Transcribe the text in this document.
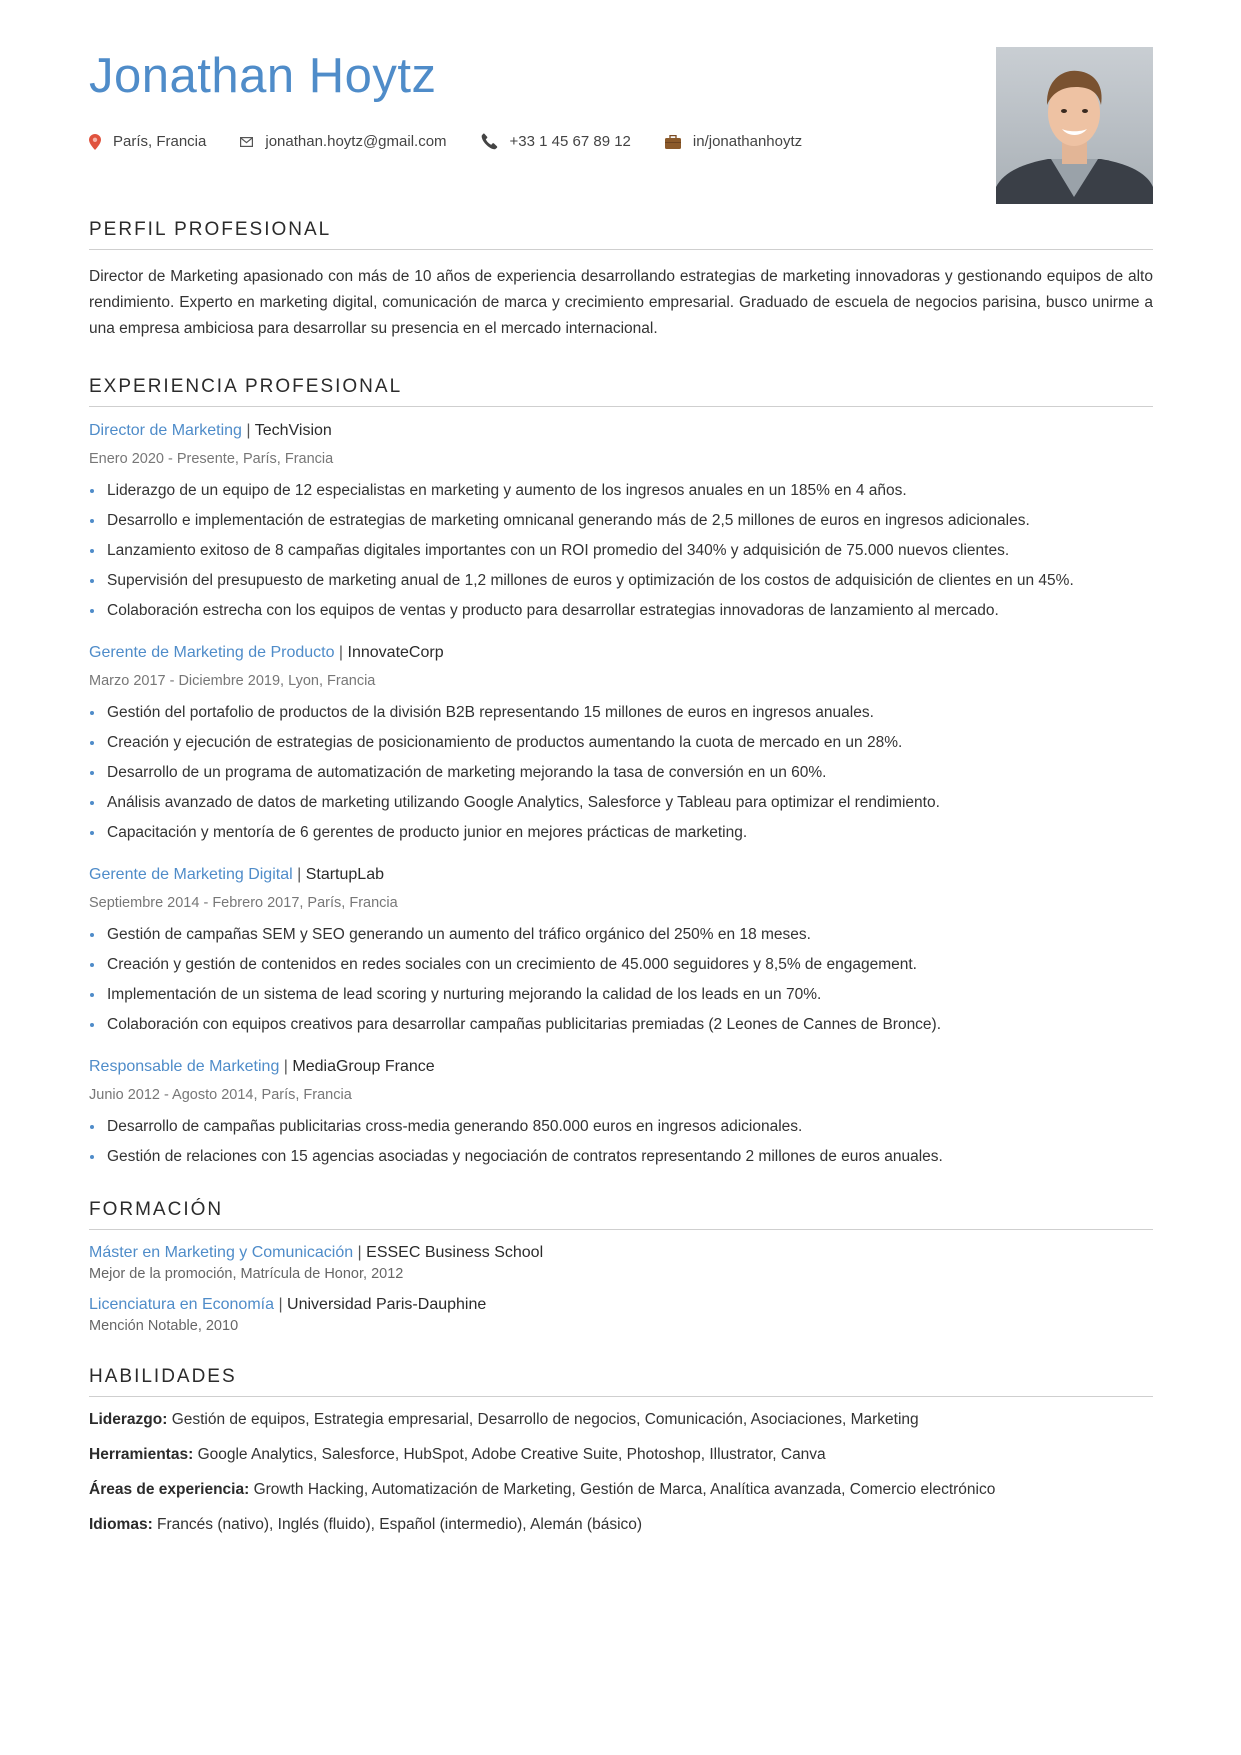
Jonathan Hoytz
París, Francia	jonathan.hoytz@gmail.com	+33 1 45 67 89 12	in/jonathanhoytz
PERFIL PROFESIONAL

Director de Marketing apasionado con más de 10 años de experiencia desarrollando estrategias de marketing innovadoras y gestionando equipos de alto rendimiento. Experto en marketing digital, comunicación de marca y crecimiento empresarial. Graduado de escuela de negocios parisina, busco unirme a una empresa ambiciosa para desarrollar su presencia en el mercado internacional.

EXPERIENCIA PROFESIONAL
Director de Marketing | TechVision
Enero 2020 - Presente, París, Francia
Liderazgo de un equipo de 12 especialistas en marketing y aumento de los ingresos anuales en un 185% en 4 años.
Desarrollo e implementación de estrategias de marketing omnicanal generando más de 2,5 millones de euros en ingresos adicionales.
Lanzamiento exitoso de 8 campañas digitales importantes con un ROI promedio del 340% y adquisición de 75.000 nuevos clientes.
Supervisión del presupuesto de marketing anual de 1,2 millones de euros y optimización de los costos de adquisición de clientes en un 45%.
Colaboración estrecha con los equipos de ventas y producto para desarrollar estrategias innovadoras de lanzamiento al mercado.
Gerente de Marketing de Producto | InnovateCorp
Marzo 2017 - Diciembre 2019, Lyon, Francia
Gestión del portafolio de productos de la división B2B representando 15 millones de euros en ingresos anuales.
Creación y ejecución de estrategias de posicionamiento de productos aumentando la cuota de mercado en un 28%.
Desarrollo de un programa de automatización de marketing mejorando la tasa de conversión en un 60%.
Análisis avanzado de datos de marketing utilizando Google Analytics, Salesforce y Tableau para optimizar el rendimiento.
Capacitación y mentoría de 6 gerentes de producto junior en mejores prácticas de marketing.
Gerente de Marketing Digital | StartupLab
Septiembre 2014 - Febrero 2017, París, Francia
Gestión de campañas SEM y SEO generando un aumento del tráfico orgánico del 250% en 18 meses.
Creación y gestión de contenidos en redes sociales con un crecimiento de 45.000 seguidores y 8,5% de engagement.
Implementación de un sistema de lead scoring y nurturing mejorando la calidad de los leads en un 70%.
Colaboración con equipos creativos para desarrollar campañas publicitarias premiadas (2 Leones de Cannes de Bronce).
Responsable de Marketing | MediaGroup France
Junio 2012 - Agosto 2014, París, Francia
Desarrollo de campañas publicitarias cross-media generando 850.000 euros en ingresos adicionales.
Gestión de relaciones con 15 agencias asociadas y negociación de contratos representando 2 millones de euros anuales.
FORMACIÓN
Máster en Marketing y Comunicación | ESSEC Business School
Mejor de la promoción, Matrícula de Honor, 2012
Licenciatura en Economía | Universidad Paris-Dauphine
Mención Notable, 2010
HABILIDADES
Liderazgo: Gestión de equipos, Estrategia empresarial, Desarrollo de negocios, Comunicación, Asociaciones, Marketing
Herramientas: Google Analytics, Salesforce, HubSpot, Adobe Creative Suite, Photoshop, Illustrator, Canva
Áreas de experiencia: Growth Hacking, Automatización de Marketing, Gestión de Marca, Analítica avanzada, Comercio electrónico
Idiomas: Francés (nativo), Inglés (fluido), Español (intermedio), Alemán (básico)
